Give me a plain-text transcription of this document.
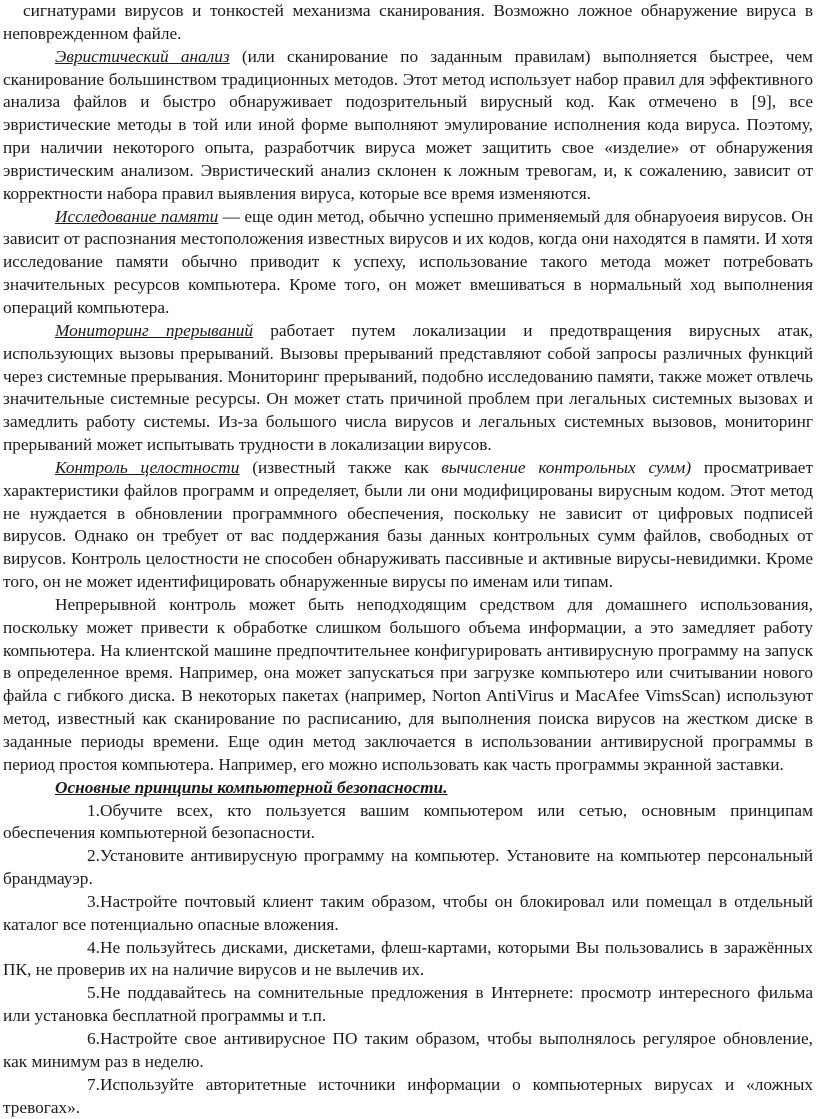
сигнатурами вирусов и тонкостей механизма сканирования. Возможно ложное обнаружение вируса в неповрежденном файле.

Эвристический анализ (или сканирование по заданным правилам) выполняется быстрее, чем сканирование большинством традиционных методов. Этот метод использует набор правил для эффективного анализа файлов и быстро обнаруживает подозрительный вирусный код. Как отмечено в [9], все эвристические методы в той или иной форме выполняют эмулирование исполнения кода вируса. Поэтому, при наличии некоторого опыта, разработчик вируса может защитить свое «изделие» от обнаружения эвристическим анализом. Эвристический анализ склонен к ложным тревогам, и, к сожалению, зависит от корректности набора правил выявления вируса, которые все время изменяются.

Исследование памяти — еще один метод, обычно успешно применяемый для обнаруоеия вирусов. Он зависит от распознания местоположения известных вирусов и их кодов, когда они находятся в памяти. И хотя исследование памяти обычно приводит к успеху, использование такого метода может потребовать значительных ресурсов компьютера. Кроме того, он может вмешиваться в нормальный ход выполнения операций компьютера.

Мониторинг прерываний работает путем локализации и предотвращения вирусных атак, использующих вызовы прерываний. Вызовы прерываний представляют собой запросы различных функций через системные прерывания. Мониторинг прерываний, подобно исследованию памяти, также может отвлечь значительные системные ресурсы. Он может стать причиной проблем при легальных системных вызовах и замедлить работу системы. Из-за большого числа вирусов и легальных системных вызовов, мониторинг прерываний может испытывать трудности в локализации вирусов.

Контроль целостности (известный также как вычисление контрольных сумм) просматривает характеристики файлов программ и определяет, были ли они модифицированы вирусным кодом. Этот метод не нуждается в обновлении программного обеспечения, поскольку не зависит от цифровых подписей вирусов. Однако он требует от вас поддержания базы данных контрольных сумм файлов, свободных от вирусов. Контроль целостности не способен обнаруживать пассивные и активные вирусы-невидимки. Кроме того, он не может идентифицировать обнаруженные вирусы по именам или типам.

Непрерывной контроль может быть неподходящим средством для домашнего использования, поскольку может привести к обработке слишком большого объема информации, а это замедляет работу компьютера. На клиентской машине предпочтительнее конфигурировать антивирусную программу на запуск в определенное время. Например, она может запускаться при загрузке компьютеро или считывании нового файла с гибкого диска. В некоторых пакетах (например, Norton AntiVirus и MacAfee VimsScan) используют метод, известный как сканирование по расписанию, для выполнения поиска вирусов на жестком диске в заданные периоды времени. Еще один метод заключается в использовании антивирусной программы в период простоя компьютера. Например, его можно использовать как часть программы экранной заставки.

Основные принципы компьютерной безопасности.

1.Обучите всех, кто пользуется вашим компьютером или сетью, основным принципам обеспечения компьютерной безопасности.

2.Установите антивирусную программу на компьютер. Установите на компьютер персональный брандмауэр.

3.Настройте почтовый клиент таким образом, чтобы он блокировал или помещал в отдельный каталог все потенциально опасные вложения.

4.Не пользуйтесь дисками, дискетами, флеш-картами, которыми Вы пользовались в заражённых ПК, не проверив их на наличие вирусов и не вылечив их.

5.Не поддавайтесь на сомнительные предложения в Интернете: просмотр интересного фильма или установка бесплатной программы и т.п.

6.Настройте свое антивирусное ПО таким образом, чтобы выполнялось регулярое обновление, как минимум раз в неделю.

7.Используйте авторитетные источники информации о компьютерных вирусах и «ложных тревогах».
